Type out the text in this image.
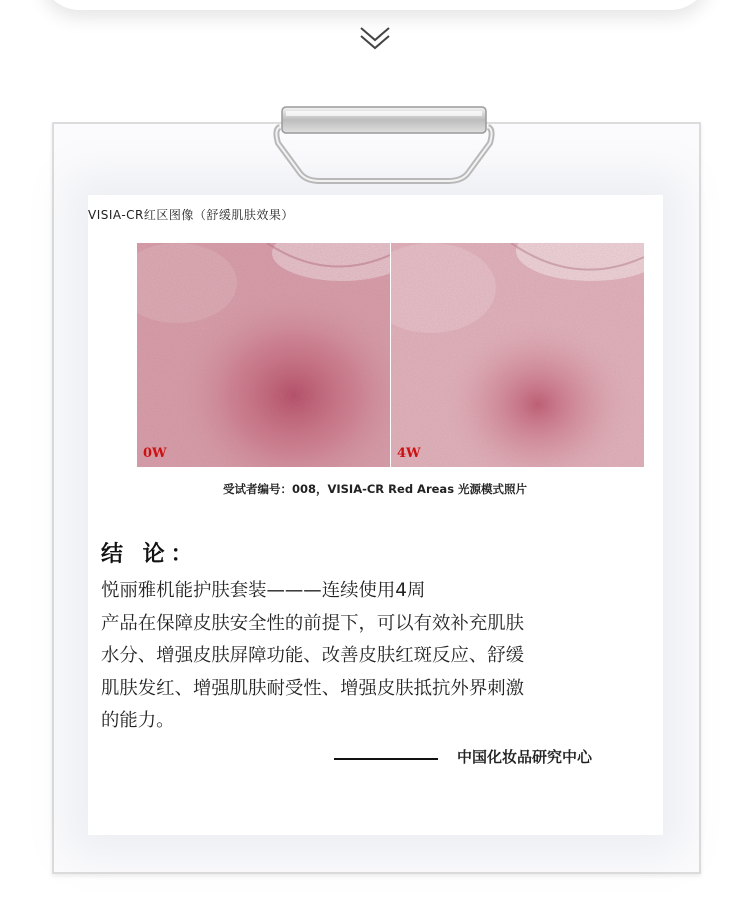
VISIA-CR红区图像（舒缓肌肤效果）
0W	4W
受试者编号：008，VISIA-CR Red Areas 光源模式照片
结 论：
悦丽雅机能护肤套装———连续使用4周
产品在保障皮肤安全性的前提下，可以有效补充肌肤
水分、增强皮肤屏障功能、改善皮肤红斑反应、舒缓
肌肤发红、增强肌肤耐受性、增强皮肤抵抗外界刺激
的能力。
中国化妆品研究中心
